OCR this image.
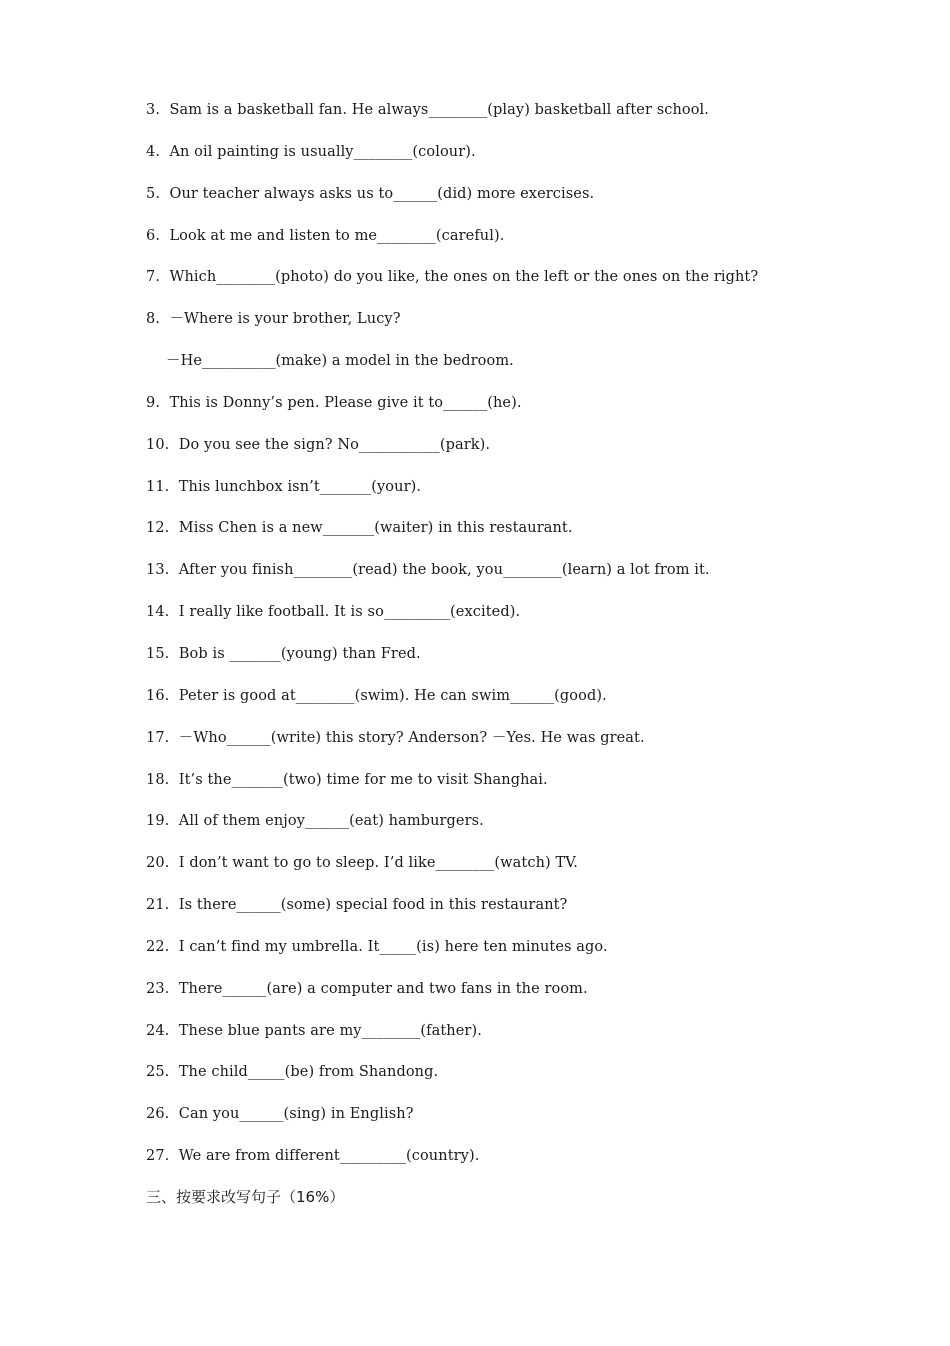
3.  Sam is a basketball fan. He always________(play) basketball after school.
4.  An oil painting is usually________(colour).
5.  Our teacher always asks us to______(did) more exercises.
6.  Look at me and listen to me________(careful).
7.  Which________(photo) do you like, the ones on the left or the ones on the right?
8.  －Where is your brother, Lucy?
－He__________(make) a model in the bedroom.
9.  This is Donny’s pen. Please give it to______(he).
10.  Do you see the sign? No___________(park).
11.  This lunchbox isn’t_______(your).
12.  Miss Chen is a new_______(waiter) in this restaurant.
13.  After you finish________(read) the book, you________(learn) a lot from it.
14.  I really like football. It is so_________(excited).
15.  Bob is _______(young) than Fred.
16.  Peter is good at________(swim). He can swim______(good).
17.  －Who______(write) this story? Anderson? －Yes. He was great.
18.  It’s the_______(two) time for me to visit Shanghai.
19.  All of them enjoy______(eat) hamburgers.
20.  I don’t want to go to sleep. I’d like________(watch) TV.
21.  Is there______(some) special food in this restaurant?
22.  I can’t find my umbrella. It_____(is) here ten minutes ago.
23.  There______(are) a computer and two fans in the room.
24.  These blue pants are my________(father).
25.  The child_____(be) from Shandong.
26.  Can you______(sing) in English?
27.  We are from different_________(country).
三、按要求改写句子（16%）
